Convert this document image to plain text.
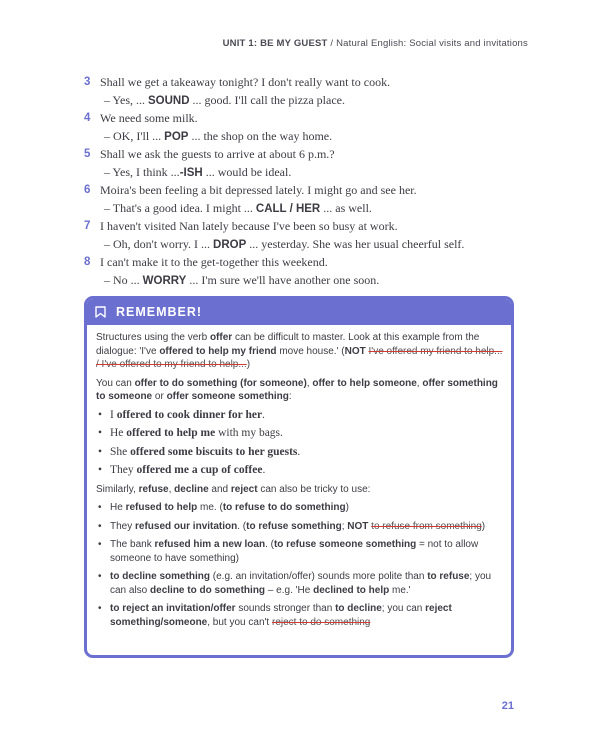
UNIT 1: BE MY GUEST / Natural English: Social visits and invitations
3 Shall we get a takeaway tonight? I don't really want to cook.
– Yes, ... SOUND ... good. I'll call the pizza place.
4 We need some milk.
– OK, I'll ... POP ... the shop on the way home.
5 Shall we ask the guests to arrive at about 6 p.m.?
– Yes, I think ...-ISH ... would be ideal.
6 Moira's been feeling a bit depressed lately. I might go and see her.
– That's a good idea. I might ... CALL / HER ... as well.
7 I haven't visited Nan lately because I've been so busy at work.
– Oh, don't worry. I ... DROP ... yesterday. She was her usual cheerful self.
8 I can't make it to the get-together this weekend.
– No ... WORRY ... I'm sure we'll have another one soon.
REMEMBER!

Structures using the verb offer can be difficult to master. Look at this example from the dialogue: 'I've offered to help my friend move house.' (NOT I've offered my friend to help... / I've offered to my friend to help...)

You can offer to do something (for someone), offer to help someone, offer something to someone or offer someone something:

• I offered to cook dinner for her.
• He offered to help me with my bags.
• She offered some biscuits to her guests.
• They offered me a cup of coffee.

Similarly, refuse, decline and reject can also be tricky to use:

• He refused to help me. (to refuse to do something)
• They refused our invitation. (to refuse something; NOT to refuse from something)
• The bank refused him a new loan. (to refuse someone something = not to allow someone to have something)
• to decline something (e.g. an invitation/offer) sounds more polite than to refuse; you can also decline to do something – e.g. 'He declined to help me.'
• to reject an invitation/offer sounds stronger than to decline; you can reject something/someone, but you can't reject to do something
21
